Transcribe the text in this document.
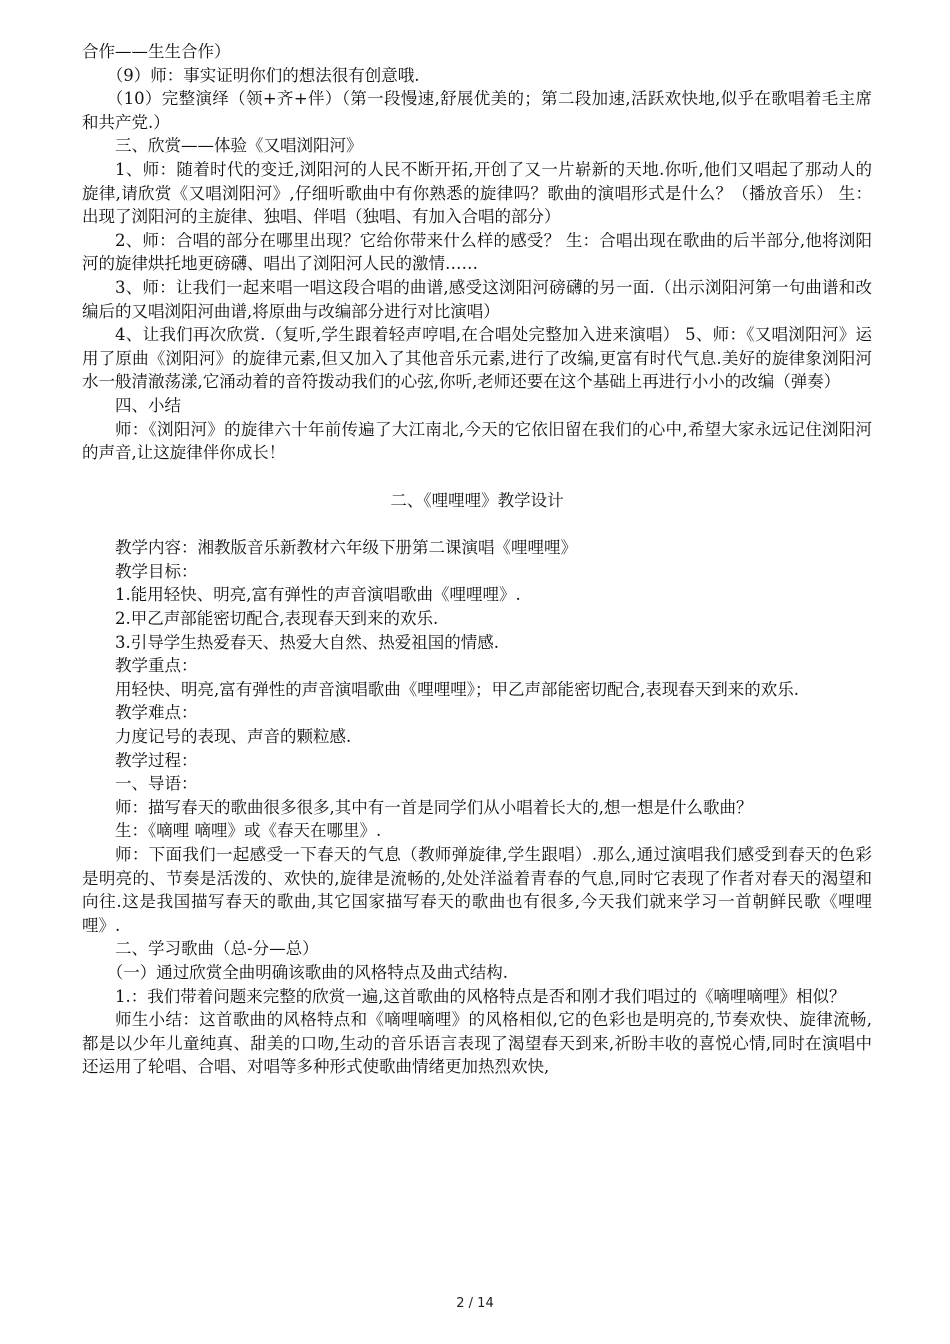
合作——生生合作）

（9）师：事实证明你们的想法很有创意哦.

（10）完整演绎（领+齐+伴）（第一段慢速,舒展优美的；第二段加速,活跃欢快地,似乎在歌唱着毛主席和共产党.）

三、欣赏——体验《又唱浏阳河》

1、师：随着时代的变迁,浏阳河的人民不断开拓,开创了又一片崭新的天地.你听,他们又唱起了那动人的旋律,请欣赏《又唱浏阳河》,仔细听歌曲中有你熟悉的旋律吗？歌曲的演唱形式是什么？（播放音乐） 生：出现了浏阳河的主旋律、独唱、伴唱（独唱、有加入合唱的部分）

2、师：合唱的部分在哪里出现？它给你带来什么样的感受？ 生：合唱出现在歌曲的后半部分,他将浏阳河的旋律烘托地更磅礴、唱出了浏阳河人民的激情……

3、师：让我们一起来唱一唱这段合唱的曲谱,感受这浏阳河磅礴的另一面.（出示浏阳河第一句曲谱和改编后的又唱浏阳河曲谱,将原曲与改编部分进行对比演唱）

4、让我们再次欣赏.（复听,学生跟着轻声哼唱,在合唱处完整加入进来演唱） 5、师：《又唱浏阳河》运用了原曲《浏阳河》的旋律元素,但又加入了其他音乐元素,进行了改编,更富有时代气息.美好的旋律象浏阳河水一般清澈荡漾,它涌动着的音符拨动我们的心弦,你听,老师还要在这个基础上再进行小小的改编（弹奏）

四、小结

师：《浏阳河》的旋律六十年前传遍了大江南北,今天的它依旧留在我们的心中,希望大家永远记住浏阳河的声音,让这旋律伴你成长！

二、《哩哩哩》教学设计

教学内容：湘教版音乐新教材六年级下册第二课演唱《哩哩哩》

教学目标：

1.能用轻快、明亮,富有弹性的声音演唱歌曲《哩哩哩》.

2.甲乙声部能密切配合,表现春天到来的欢乐.

3.引导学生热爱春天、热爱大自然、热爱祖国的情感.

教学重点：

用轻快、明亮,富有弹性的声音演唱歌曲《哩哩哩》；甲乙声部能密切配合,表现春天到来的欢乐.

教学难点：

力度记号的表现、声音的颗粒感.

教学过程：

一、导语：

师：描写春天的歌曲很多很多,其中有一首是同学们从小唱着长大的,想一想是什么歌曲？

生：《嘀哩 嘀哩》或《春天在哪里》.

师：下面我们一起感受一下春天的气息（教师弹旋律,学生跟唱）.那么,通过演唱我们感受到春天的色彩是明亮的、节奏是活泼的、欢快的,旋律是流畅的,处处洋溢着青春的气息,同时它表现了作者对春天的渴望和向往.这是我国描写春天的歌曲,其它国家描写春天的歌曲也有很多,今天我们就来学习一首朝鲜民歌《哩哩哩》.

二、学习歌曲（总-分—总）

（一）通过欣赏全曲明确该歌曲的风格特点及曲式结构.

1.：我们带着问题来完整的欣赏一遍,这首歌曲的风格特点是否和刚才我们唱过的《嘀哩嘀哩》相似？

师生小结：这首歌曲的风格特点和《嘀哩嘀哩》的风格相似,它的色彩也是明亮的,节奏欢快、旋律流畅,都是以少年儿童纯真、甜美的口吻,生动的音乐语言表现了渴望春天到来,祈盼丰收的喜悦心情,同时在演唱中还运用了轮唱、合唱、对唱等多种形式使歌曲情绪更加热烈欢快,

2 / 14
